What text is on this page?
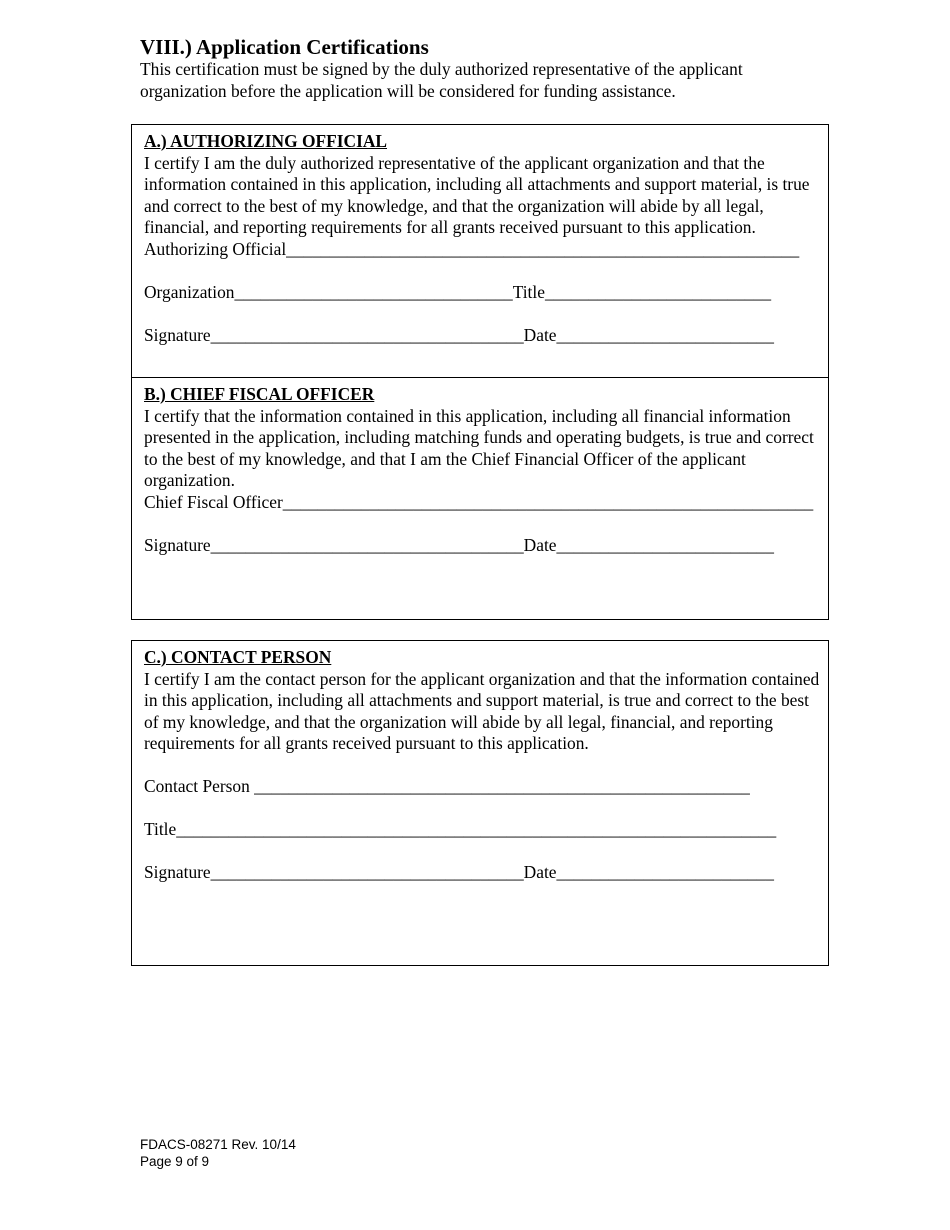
VIII.) Application Certifications

This certification must be signed by the duly authorized representative of the applicant organization before the application will be considered for funding assistance.

A.) AUTHORIZING OFFICIAL

I certify I am the duly authorized representative of the applicant organization and that the information contained in this application, including all attachments and support material, is true and correct to the best of my knowledge, and that the organization will abide by all legal, financial, and reporting requirements for all grants received pursuant to this application.

Authorizing Official___________________________________________________________
Organization________________________________Title__________________________
Signature____________________________________Date_________________________
B.) CHIEF FISCAL OFFICER

I certify that the information contained in this application, including all financial information presented in the application, including matching funds and operating budgets, is true and correct to the best of my knowledge, and that I am the Chief Financial Officer of the applicant organization.

Chief Fiscal Officer_____________________________________________________________
Signature____________________________________Date_________________________
C.) CONTACT PERSON

I certify I am the contact person for the applicant organization and that the information contained in this application, including all attachments and support material, is true and correct to the best of my knowledge, and that the organization will abide by all legal, financial, and reporting requirements for all grants received pursuant to this application.

Contact Person _________________________________________________________
Title_____________________________________________________________________
Signature____________________________________Date_________________________
FDACS-08271 Rev. 10/14
Page 9 of 9
